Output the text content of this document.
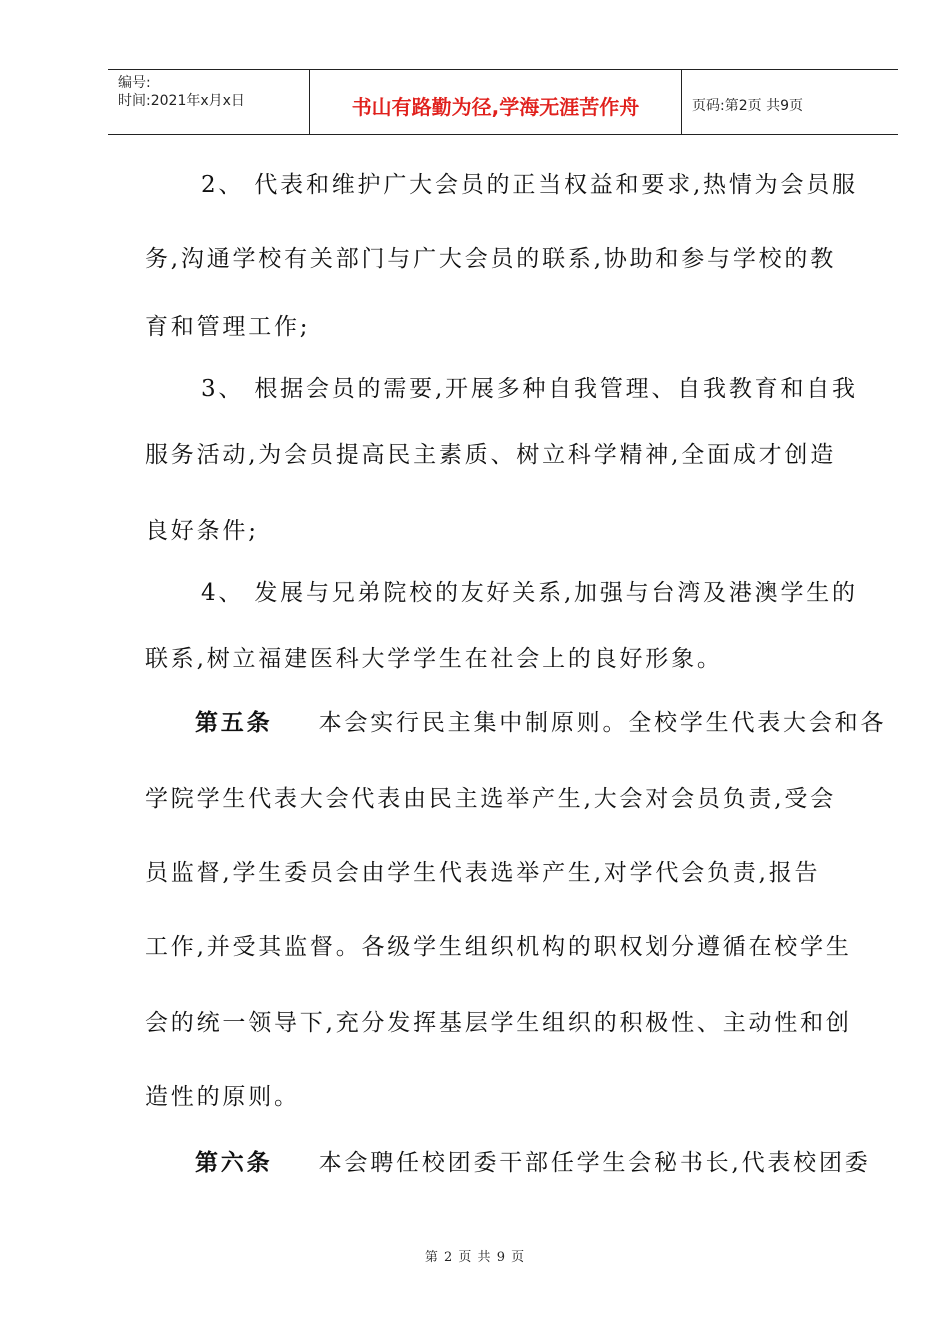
编号:
时间:2021年x月x日	书山有路勤为径,学海无涯苦作舟	页码:第2页 共9页
2、 代表和维护广大会员的正当权益和要求,热情为会员服
务,沟通学校有关部门与广大会员的联系,协助和参与学校的教
育和管理工作;
3、 根据会员的需要,开展多种自我管理、自我教育和自我
服务活动,为会员提高民主素质、树立科学精神,全面成才创造
良好条件;
4、 发展与兄弟院校的友好关系,加强与台湾及港澳学生的
联系,树立福建医科大学学生在社会上的良好形象。
第五条 本会实行民主集中制原则。全校学生代表大会和各
学院学生代表大会代表由民主选举产生,大会对会员负责,受会
员监督,学生委员会由学生代表选举产生,对学代会负责,报告
工作,并受其监督。各级学生组织机构的职权划分遵循在校学生
会的统一领导下,充分发挥基层学生组织的积极性、主动性和创
造性的原则。
第六条 本会聘任校团委干部任学生会秘书长,代表校团委
第 2 页 共 9 页
